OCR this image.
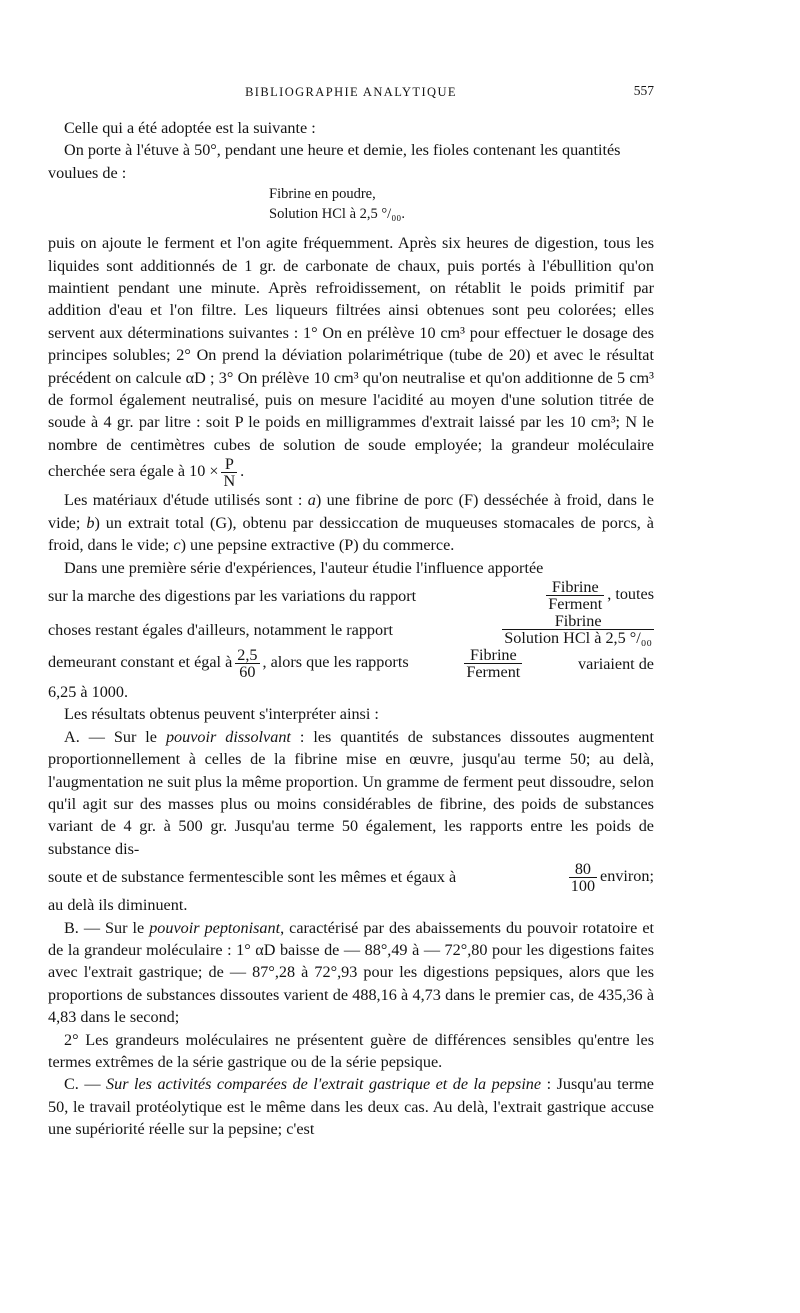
BIBLIOGRAPHIE ANALYTIQUE	557

Celle qui a été adoptée est la suivante :

On porte à l'étuve à 50°, pendant une heure et demie, les fioles contenant les quantités voulues de :

Fibrine en poudre,
Solution HCl à 2,5 °/₀₀.

puis on ajoute le ferment et l'on agite fréquemment. Après six heures de digestion, tous les liquides sont additionnés de 1 gr. de carbonate de chaux, puis portés à l'ébullition qu'on maintient pendant une minute. Après refroidissement, on rétablit le poids primitif par addition d'eau et l'on filtre. Les liqueurs filtrées ainsi obtenues sont peu colorées; elles servent aux déterminations suivantes : 1° On en prélève 10 cm³ pour effectuer le dosage des principes solubles; 2° On prend la déviation polarimétrique (tube de 20) et avec le résultat précédent on calcule αD ; 3° On prélève 10 cm³ qu'on neutralise et qu'on additionne de 5 cm³ de formol également neutralisé, puis on mesure l'acidité au moyen d'une solution titrée de soude à 4 gr. par litre : soit P le poids en milligrammes d'extrait laissé par les 10 cm³; N le nombre de centimètres cubes de solution de soude employée; la grandeur moléculaire cherchée sera égale à $10 \times \frac{P}{N}$ .

Les matériaux d'étude utilisés sont : a) une fibrine de porc (F) desséchée à froid, dans le vide; b) un extrait total (G), obtenu par dessiccation de muqueuses stomacales de porcs, à froid, dans le vide; c) une pepsine extractive (P) du commerce.

Dans une première série d'expériences, l'auteur étudie l'influence apportée
sur la marche des digestions par les variations du rapport	$\frac{\text{Fibrine}}{\text{Ferment}}$ , toutes
choses restant égales d'ailleurs, notamment le rapport	$\frac{\text{Fibrine}}{\text{Solution HCl à 2,5 °/₀₀}}$
demeurant constant et égal à $\frac{2,5}{60}$ , alors que les rapports	$\frac{\text{Fibrine}}{\text{Ferment}}$	variaient de
6,25 à 1000.

Les résultats obtenus peuvent s'interpréter ainsi :

A. — Sur le pouvoir dissolvant : les quantités de substances dissoutes augmentent proportionnellement à celles de la fibrine mise en œuvre, jusqu'au terme 50; au delà, l'augmentation ne suit plus la même proportion. Un gramme de ferment peut dissoudre, selon qu'il agit sur des masses plus ou moins considérables de fibrine, des poids de substances variant de 4 gr. à 500 gr. Jusqu'au terme 50 également, les rapports entre les poids de substance dis-

soute et de substance fermentescible sont les mêmes et égaux à	$\frac{80}{100}$ environ;
au delà ils diminuent.

B. — Sur le pouvoir peptonisant, caractérisé par des abaissements du pouvoir rotatoire et de la grandeur moléculaire : 1° αD baisse de — 88°,49 à — 72°,80 pour les digestions faites avec l'extrait gastrique; de — 87°,28 à 72°,93 pour les digestions pepsiques, alors que les proportions de substances dissoutes varient de 488,16 à 4,73 dans le premier cas, de 435,36 à 4,83 dans le second;

2° Les grandeurs moléculaires ne présentent guère de différences sensibles qu'entre les termes extrêmes de la série gastrique ou de la série pepsique.

C. — Sur les activités comparées de l'extrait gastrique et de la pepsine : Jusqu'au terme 50, le travail protéolytique est le même dans les deux cas. Au delà, l'extrait gastrique accuse une supériorité réelle sur la pepsine; c'est
